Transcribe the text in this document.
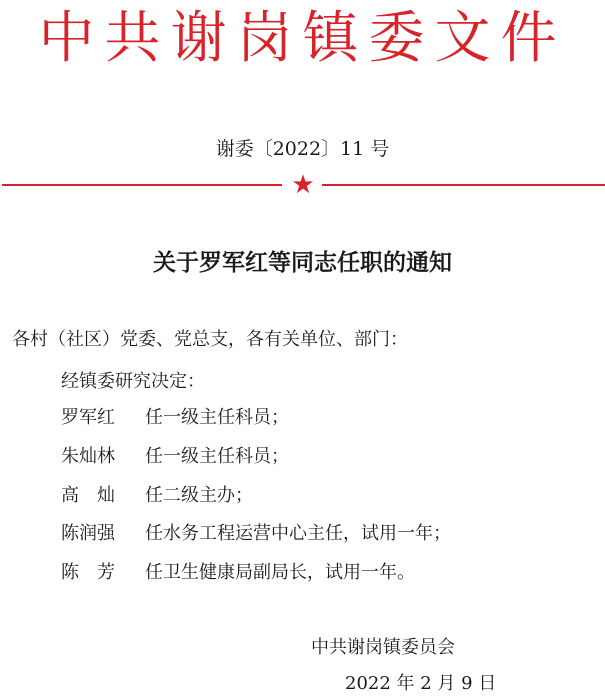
中共谢岗镇委文件
谢委〔2022〕11 号
★
关于罗军红等同志任职的通知
各村（社区）党委、党总支，各有关单位、部门：
经镇委研究决定：
罗军红 任一级主任科员；
朱灿林 任一级主任科员；
高　灿 任二级主办；
陈润强 任水务工程运营中心主任，试用一年；
陈　芳 任卫生健康局副局长，试用一年。
中共谢岗镇委员会
2022 年 2 月 9 日
